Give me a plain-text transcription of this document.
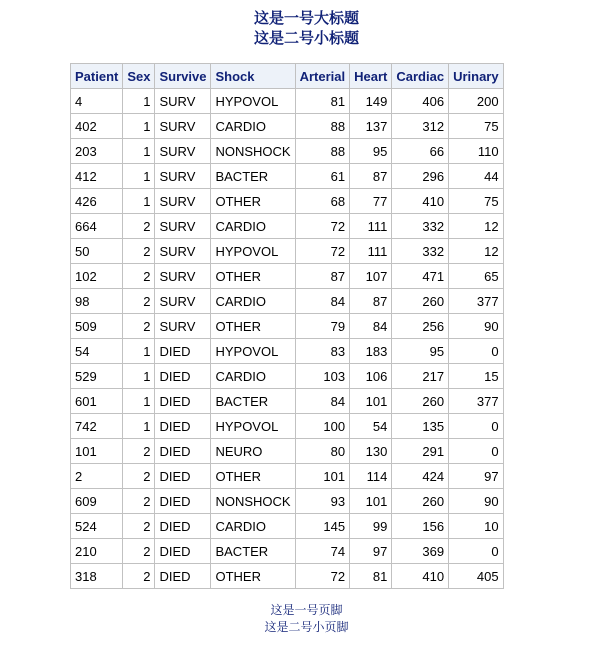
这是一号大标题
这是二号小标题
Patient	Sex	Survive	Shock	Arterial	Heart	Cardiac	Urinary
4	1	SURV	HYPOVOL	81	149	406	200
402	1	SURV	CARDIO	88	137	312	75
203	1	SURV	NONSHOCK	88	95	66	110
412	1	SURV	BACTER	61	87	296	44
426	1	SURV	OTHER	68	77	410	75
664	2	SURV	CARDIO	72	111	332	12
50	2	SURV	HYPOVOL	72	111	332	12
102	2	SURV	OTHER	87	107	471	65
98	2	SURV	CARDIO	84	87	260	377
509	2	SURV	OTHER	79	84	256	90
54	1	DIED	HYPOVOL	83	183	95	0
529	1	DIED	CARDIO	103	106	217	15
601	1	DIED	BACTER	84	101	260	377
742	1	DIED	HYPOVOL	100	54	135	0
101	2	DIED	NEURO	80	130	291	0
2	2	DIED	OTHER	101	114	424	97
609	2	DIED	NONSHOCK	93	101	260	90
524	2	DIED	CARDIO	145	99	156	10
210	2	DIED	BACTER	74	97	369	0
318	2	DIED	OTHER	72	81	410	405
这是一号页脚
这是二号小页脚
